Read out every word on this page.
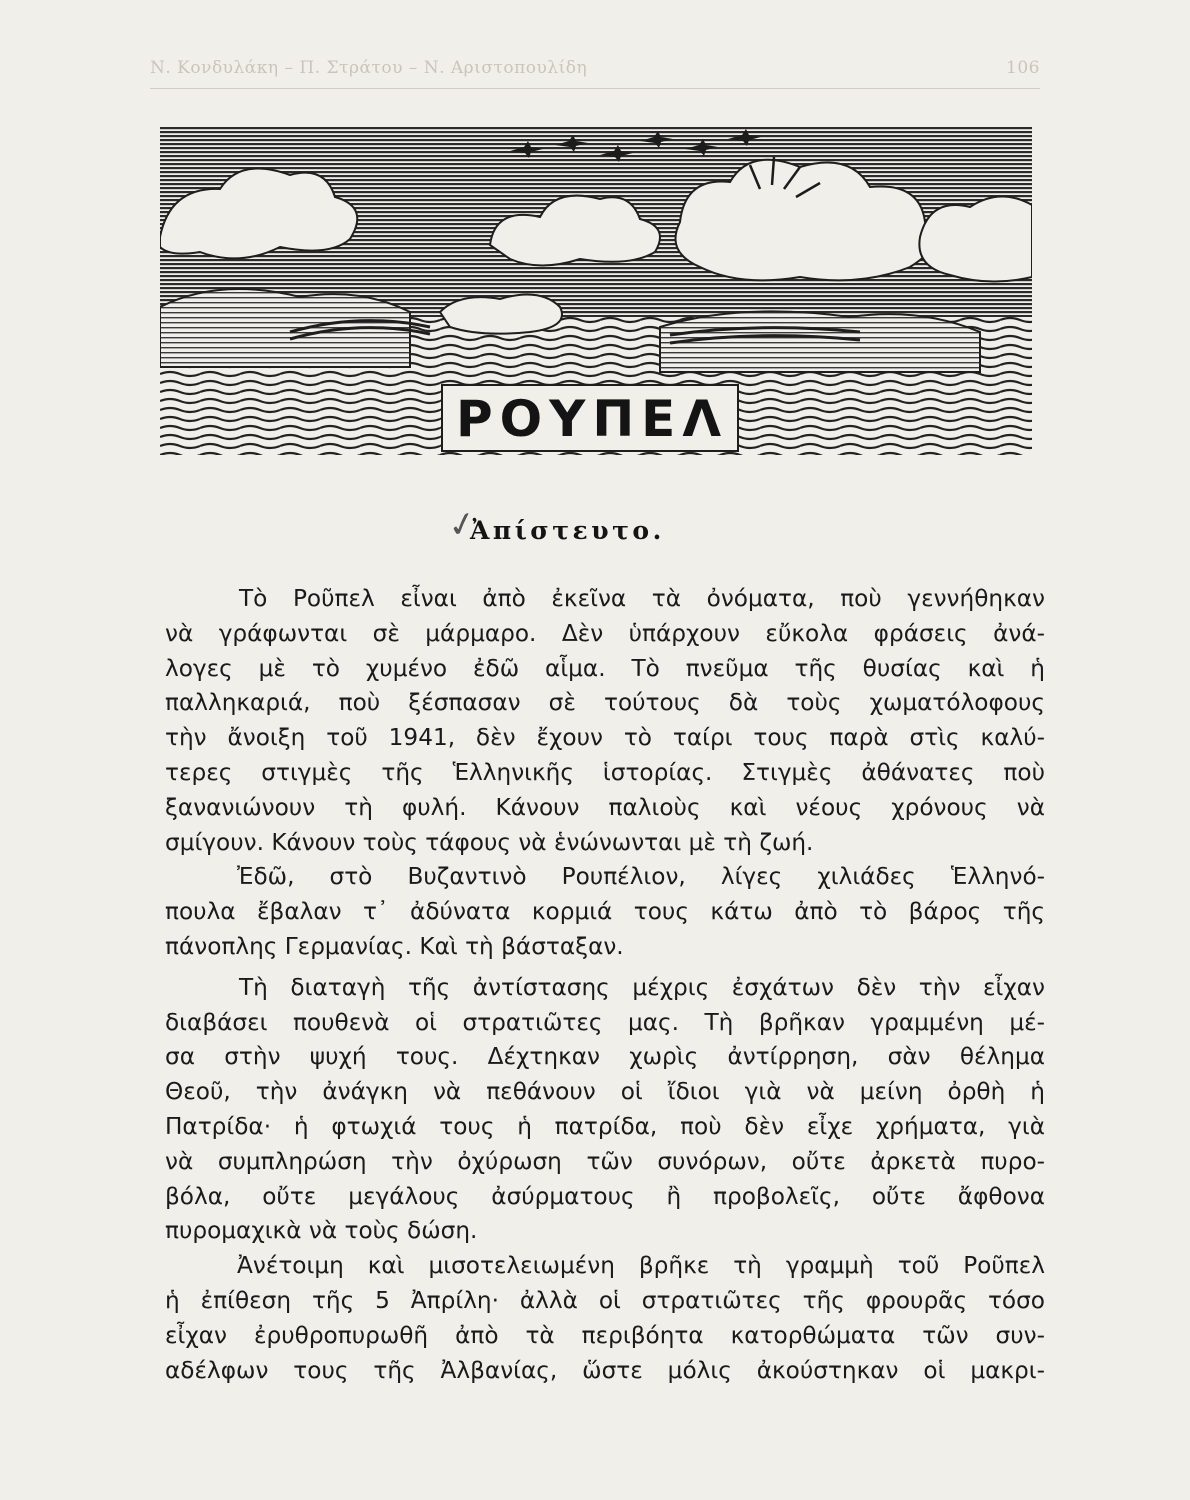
Ν. Κονδυλάκη – Π. Στράτου – Ν. Αριστοπουλίδη	106
ΡΟΥΠΕΛ
✓
Ἀπίστευτο.
Τὸ Ροῦπελ εἶναι ἀπὸ ἐκεῖνα τὰ ὀνόματα, ποὺ γεννήθηκαν
νὰ γράφωνται σὲ μάρμαρο. Δὲν ὑπάρχουν εὔκολα φράσεις ἀνά-
λογες μὲ τὸ χυμένο ἐδῶ αἷμα. Τὸ πνεῦμα τῆς θυσίας καὶ ἡ
παλληκαριά, ποὺ ξέσπασαν σὲ τούτους δὰ τοὺς χωματόλοφους
τὴν ἄνοιξη τοῦ 1941, δὲν ἔχουν τὸ ταίρι τους παρὰ στὶς καλύ-
τερες στιγμὲς τῆς Ἑλληνικῆς ἱστορίας. Στιγμὲς ἀθάνατες ποὺ
ξανανιώνουν τὴ φυλή. Κάνουν παλιοὺς καὶ νέους χρόνους νὰ
σμίγουν. Κάνουν τοὺς τάφους νὰ ἑνώνωνται μὲ τὴ ζωή.
Ἐδῶ, στὸ Βυζαντινὸ Ρουπέλιον, λίγες χιλιάδες Ἑλληνό-
πουλα ἔβαλαν τ᾽ ἀδύνατα κορμιά τους κάτω ἀπὸ τὸ βάρος τῆς
πάνοπλης Γερμανίας. Καὶ τὴ βάσταξαν.
Τὴ διαταγὴ τῆς ἀντίστασης μέχρις ἐσχάτων δὲν τὴν εἶχαν
διαβάσει πουθενὰ οἱ στρατιῶτες μας. Τὴ βρῆκαν γραμμένη μέ-
σα στὴν ψυχή τους. Δέχτηκαν χωρὶς ἀντίρρηση, σὰν θέλημα
Θεοῦ, τὴν ἀνάγκη νὰ πεθάνουν οἱ ἴδιοι γιὰ νὰ μείνη ὀρθὴ ἡ
Πατρίδα· ἡ φτωχιά τους ἡ πατρίδα, ποὺ δὲν εἶχε χρήματα, γιὰ
νὰ συμπληρώση τὴν ὀχύρωση τῶν συνόρων, οὔτε ἀρκετὰ πυρο-
βόλα, οὔτε μεγάλους ἀσύρματους ἢ προβολεῖς, οὔτε ἄφθονα
πυρομαχικὰ νὰ τοὺς δώση.
Ἀνέτοιμη καὶ μισοτελειωμένη βρῆκε τὴ γραμμὴ τοῦ Ροῦπελ
ἡ ἐπίθεση τῆς 5 Ἀπρίλη· ἀλλὰ οἱ στρατιῶτες τῆς φρουρᾶς τόσο
εἶχαν ἐρυθροπυρωθῆ ἀπὸ τὰ περιβόητα κατορθώματα τῶν συν-
αδέλφων τους τῆς Ἀλβανίας, ὥστε μόλις ἀκούστηκαν οἱ μακρι-
